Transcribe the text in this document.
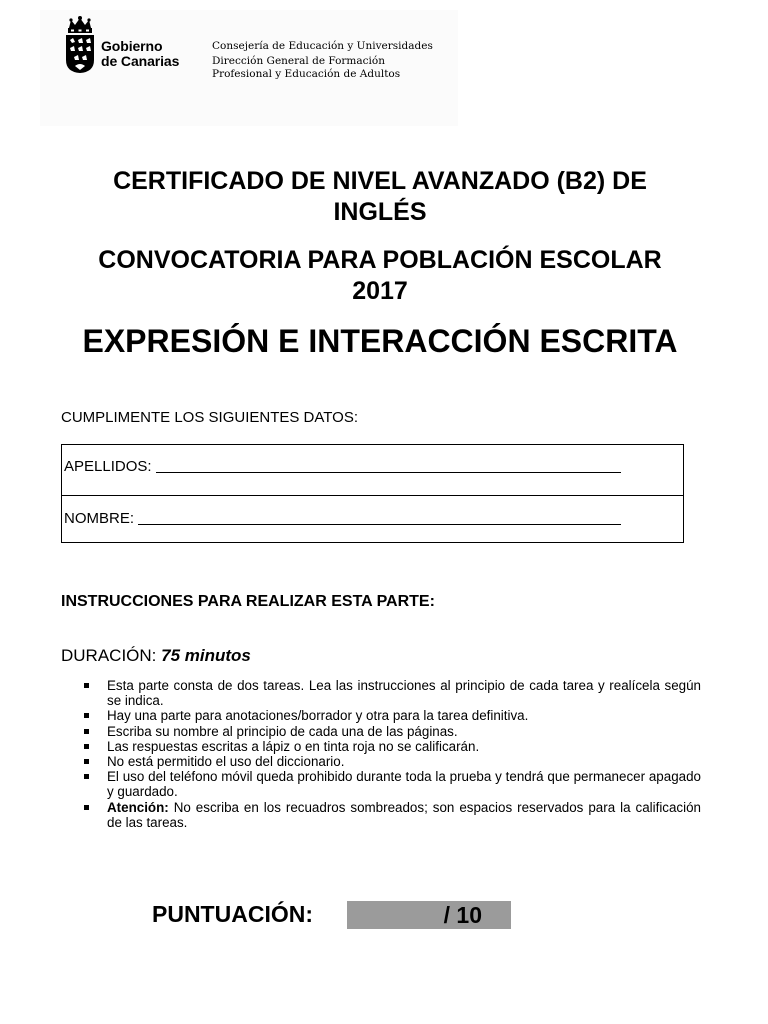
Gobierno
de Canarias
Consejería de Educación y Universidades
Dirección General de Formación
Profesional y Educación de Adultos
CERTIFICADO DE NIVEL AVANZADO (B2) DE
INGLÉS
CONVOCATORIA PARA POBLACIÓN ESCOLAR
2017
EXPRESIÓN E INTERACCIÓN ESCRITA
CUMPLIMENTE LOS SIGUIENTES DATOS:
APELLIDOS:
NOMBRE:
INSTRUCCIONES PARA REALIZAR ESTA PARTE:
DURACIÓN: 75 minutos
Esta parte consta de dos tareas. Lea las instrucciones al principio de cada tarea y realícela según se indica.
Hay una parte para anotaciones/borrador y otra para la tarea definitiva.
Escriba su nombre al principio de cada una de las páginas.
Las respuestas escritas a lápiz o en tinta roja no se calificarán.
No está permitido el uso del diccionario.
El uso del teléfono móvil queda prohibido durante toda la prueba y tendrá que permanecer apagado y guardado.
Atención: No escriba en los recuadros sombreados; son espacios reservados para la calificación de las tareas.
PUNTUACIÓN:	/ 10
